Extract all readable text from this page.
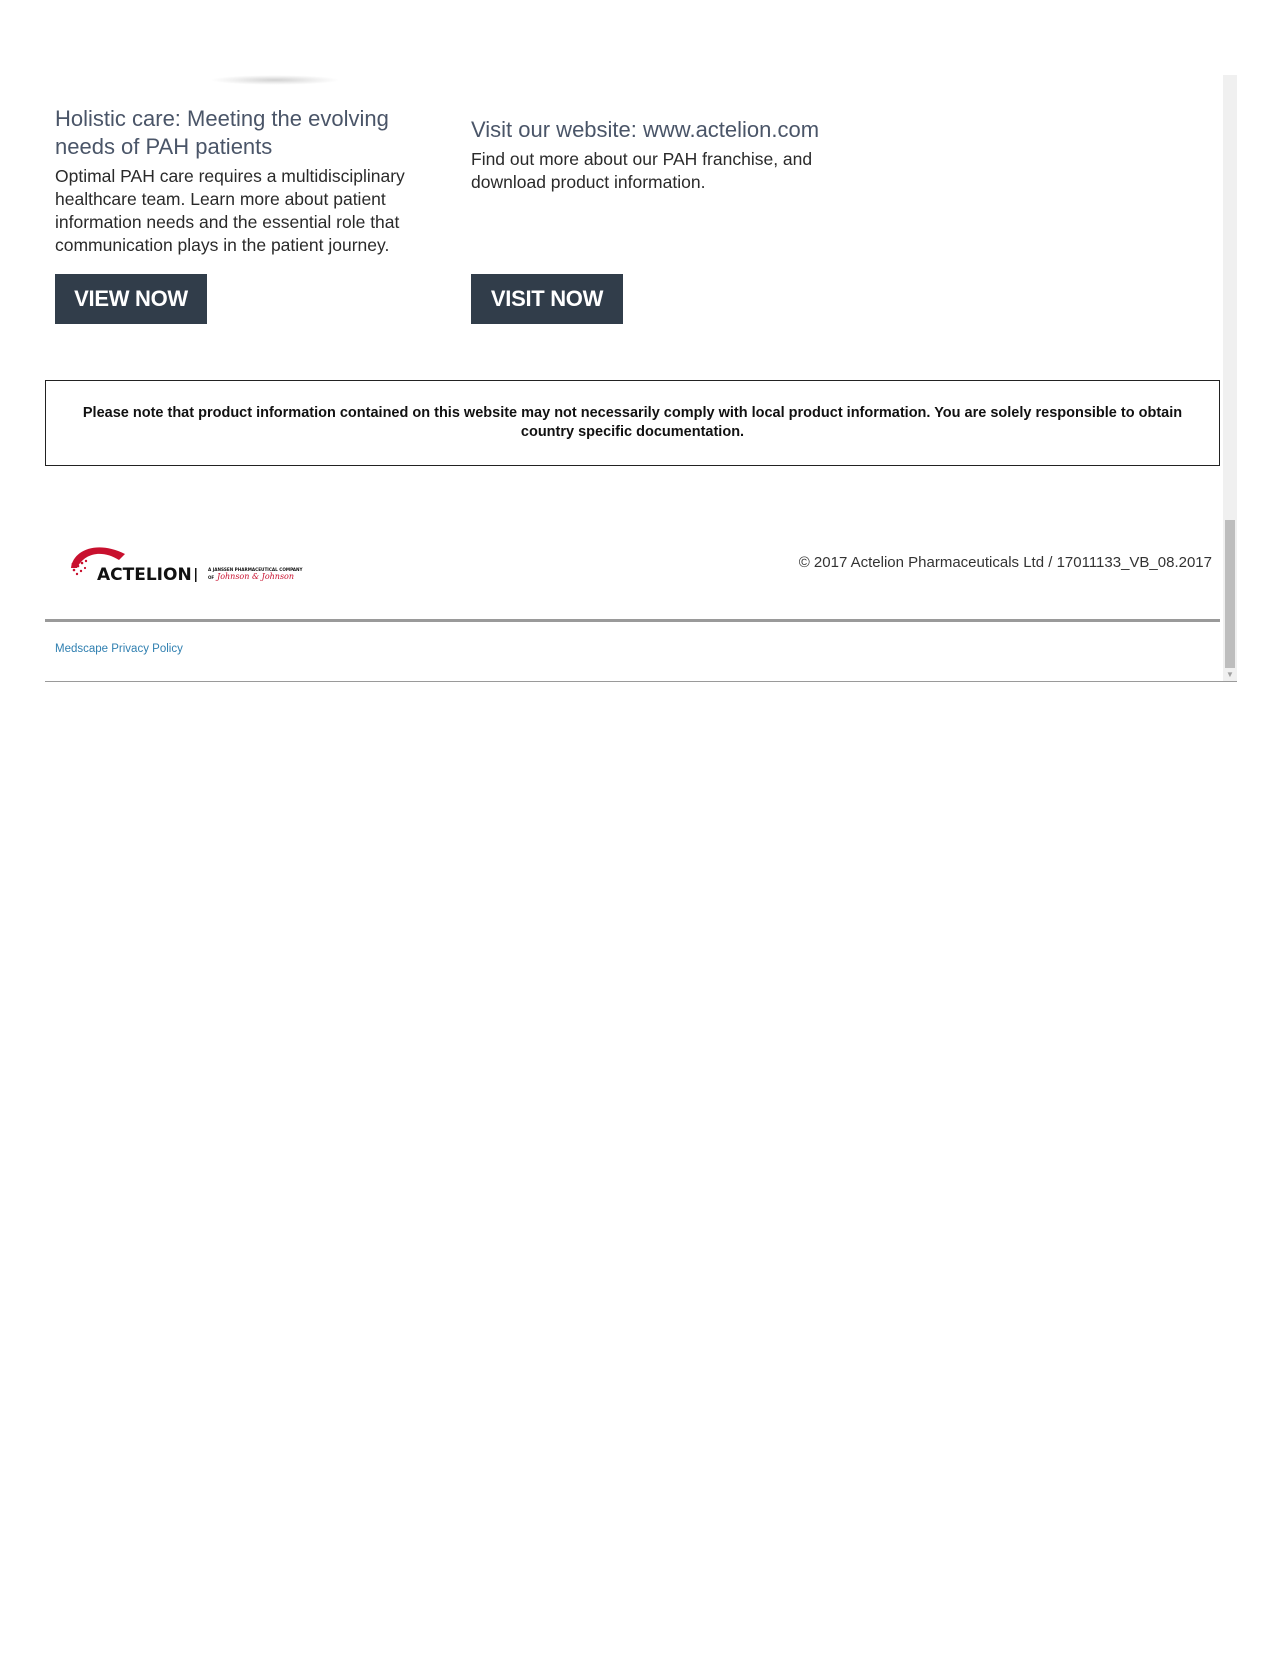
Holistic care: Meeting the evolving needs of PAH patients
Optimal PAH care requires a multidisciplinary healthcare team. Learn more about patient information needs and the essential role that communication plays in the patient journey.
VIEW NOW
Visit our website: www.actelion.com
Find out more about our PAH franchise, and download product information.
VISIT NOW
Please note that product information contained on this website may not necessarily comply with local product information. You are solely responsible to obtain country specific documentation.
ACTELION	A JANSSEN PHARMACEUTICAL COMPANY
OF Johnson & Johnson
© 2017 Actelion Pharmaceuticals Ltd / 17011133_VB_08.2017
Medscape Privacy Policy
▼
